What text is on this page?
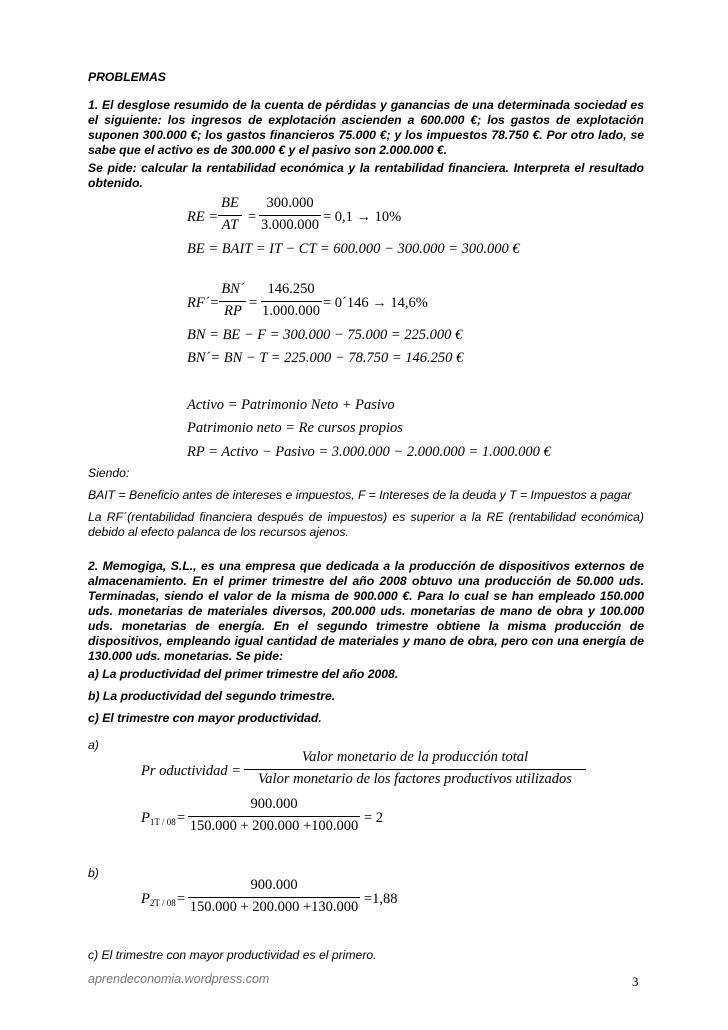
PROBLEMAS
1. El desglose resumido de la cuenta de pérdidas y ganancias de una determinada sociedad es el siguiente: los ingresos de explotación ascienden a 600.000 €; los gastos de explotación suponen 300.000 €; los gastos financieros 75.000 €; y los impuestos 78.750 €. Por otro lado, se sabe que el activo es de 300.000 € y el pasivo son 2.000.000 €.
Se pide: calcular la rentabilidad económica y la rentabilidad financiera. Interpreta el resultado obtenido.
RE =
BE
AT =
300.000
3.000.000 = 0,1 → 10%
BE = BAIT = IT − CT = 600.000 − 300.000 = 300.000 €
RF´=
BN´
RP =
146.250
1.000.000 = 0´146 → 14,6%
BN = BE − F = 300.000 − 75.000 = 225.000 €
BN´= BN − T = 225.000 − 78.750 = 146.250 €
Activo = Patrimonio Neto + Pasivo
Patrimonio neto = Re cursos propios
RP = Activo − Pasivo = 3.000.000 − 2.000.000 = 1.000.000 €
Siendo:
BAIT = Beneficio antes de intereses e impuestos, F = Intereses de la deuda y T = Impuestos a pagar
La RF´(rentabilidad financiera después de impuestos) es superior a la RE (rentabilidad económica) debido al efecto palanca de los recursos ajenos.
2. Memogiga, S.L., es una empresa que dedicada a la producción de dispositivos externos de almacenamiento. En el primer trimestre del año 2008 obtuvo una producción de 50.000 uds. Terminadas, siendo el valor de la misma de 900.000 €. Para lo cual se han empleado 150.000 uds. monetarias de materiales diversos, 200.000 uds. monetarias de mano de obra y 100.000 uds. monetarias de energía. En el segundo trimestre obtiene la misma producción de dispositivos, empleando igual cantidad de materiales y mano de obra, pero con una energía de 130.000 uds. monetarias. Se pide:
a) La productividad del primer trimestre del año 2008.
b) La productividad del segundo trimestre.
c) El trimestre con mayor productividad.
a)
Pr oductividad =
Valor monetario de la producción total
Valor monetario de los factores productivos utilizados
$P_{1T / 08}$ =
900.000
150.000 + 200.000 +100.000 = 2
b)
$P_{2T / 08}$ =
900.000
150.000 + 200.000 +130.000 =1,88
c) El trimestre con mayor productividad es el primero.
aprendeconomia.wordpress.com	3
